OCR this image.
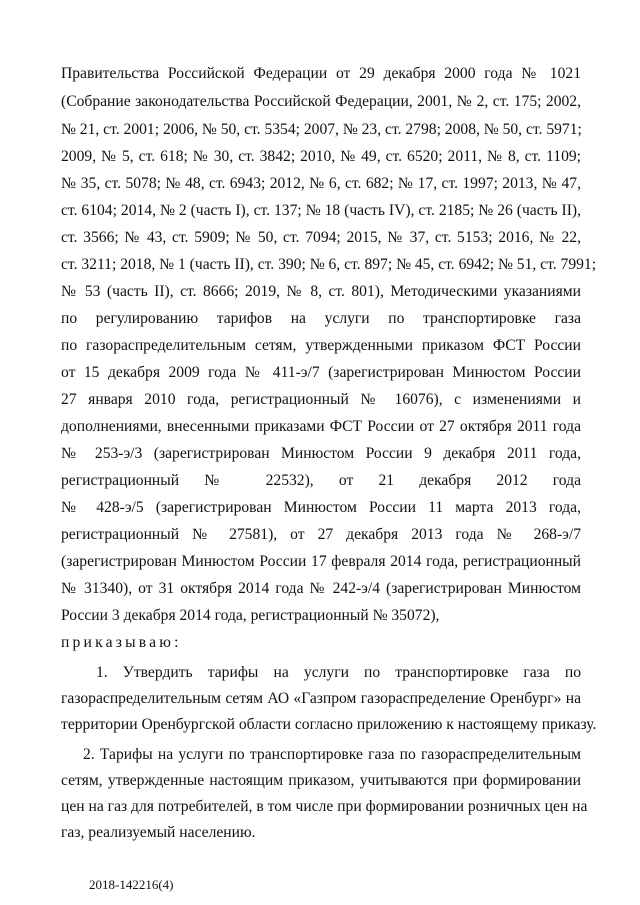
Правительства Российской Федерации от 29 декабря 2000 года № 1021
(Собрание законодательства Российской Федерации, 2001, № 2, ст. 175; 2002,
№ 21, ст. 2001; 2006, № 50, ст. 5354; 2007, № 23, ст. 2798; 2008, № 50, ст. 5971;
2009, № 5, ст. 618; № 30, ст. 3842; 2010, № 49, ст. 6520; 2011, № 8, ст. 1109;
№ 35, ст. 5078; № 48, ст. 6943; 2012, № 6, ст. 682; № 17, ст. 1997; 2013, № 47,
ст. 6104; 2014, № 2 (часть I), ст. 137; № 18 (часть IV), ст. 2185; № 26 (часть II),
ст. 3566; № 43, ст. 5909; № 50, ст. 7094; 2015, № 37, ст. 5153; 2016, № 22,
ст. 3211; 2018, № 1 (часть II), ст. 390; № 6, ст. 897; № 45, ст. 6942; № 51, ст. 7991;
№ 53 (часть II), ст. 8666; 2019, № 8, ст. 801), Методическими указаниями
по регулированию тарифов на услуги по транспортировке газа
по газораспределительным сетям, утвержденными приказом ФСТ России
от 15 декабря 2009 года № 411-э/7 (зарегистрирован Минюстом России
27 января 2010 года, регистрационный № 16076), с изменениями и
дополнениями, внесенными приказами ФСТ России от 27 октября 2011 года
№ 253-э/3 (зарегистрирован Минюстом России 9 декабря 2011 года,
регистрационный № 22532), от 21 декабря 2012 года
№ 428-э/5 (зарегистрирован Минюстом России 11 марта 2013 года,
регистрационный № 27581), от 27 декабря 2013 года № 268-э/7
(зарегистрирован Минюстом России 17 февраля 2014 года, регистрационный
№ 31340), от 31 октября 2014 года № 242-э/4 (зарегистрирован Минюстом
России 3 декабря 2014 года, регистрационный № 35072),
приказываю:
1. Утвердить тарифы на услуги по транспортировке газа по
газораспределительным сетям АО «Газпром газораспределение Оренбург» на
территории Оренбургской области согласно приложению к настоящему приказу.
2. Тарифы на услуги по транспортировке газа по газораспределительным
сетям, утвержденные настоящим приказом, учитываются при формировании
цен на газ для потребителей, в том числе при формировании розничных цен на
газ, реализуемый населению.
2018-142216(4)
